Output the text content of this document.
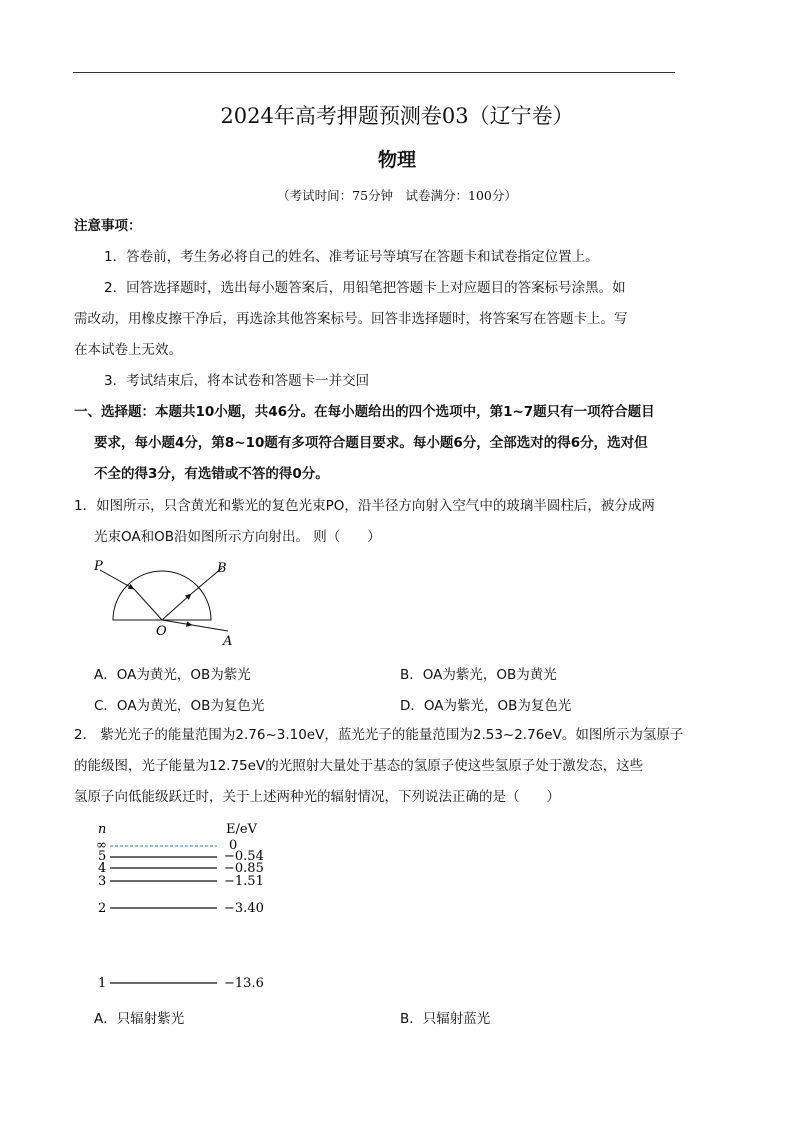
2024年高考押题预测卷03（辽宁卷）
物理
（考试时间：75分钟　试卷满分：100分）
注意事项：
1．答卷前，考生务必将自己的姓名、准考证号等填写在答题卡和试卷指定位置上。
2．回答选择题时，选出每小题答案后，用铅笔把答题卡上对应题目的答案标号涂黑。如
需改动，用橡皮擦干净后，再选涂其他答案标号。回答非选择题时，将答案写在答题卡上。写
在本试卷上无效。
3．考试结束后，将本试卷和答题卡一并交回
一、选择题：本题共10小题，共46分。在每小题给出的四个选项中，第1~7题只有一项符合题目
要求，每小题4分，第8~10题有多项符合题目要求。每小题6分，全部选对的得6分，选对但
不全的得3分，有选错或不答的得0分。
1．如图所示，只含黄光和紫光的复色光束PO，沿半径方向射入空气中的玻璃半圆柱后，被分成两
光束OA和OB沿如图所示方向射出。 则（　　）
P	B
O
A
A．OA为黄光，OB为紫光	B．OA为紫光，OB为黄光
C．OA为黄光，OB为复色光	D．OA为紫光，OB为复色光
2． 紫光光子的能量范围为2.76~3.10eV，蓝光光子的能量范围为2.53~2.76eV。如图所示为氢原子
的能级图，光子能量为12.75eV的光照射大量处于基态的氢原子使这些氢原子处于激发态，这些
氢原子向低能级跃迁时，关于上述两种光的辐射情况，下列说法正确的是（　　）
n	E/eV
∞	0
5	−0.54
4	−0.85
3	−1.51
2	−3.40
1	−13.6
A．只辐射紫光	B．只辐射蓝光
